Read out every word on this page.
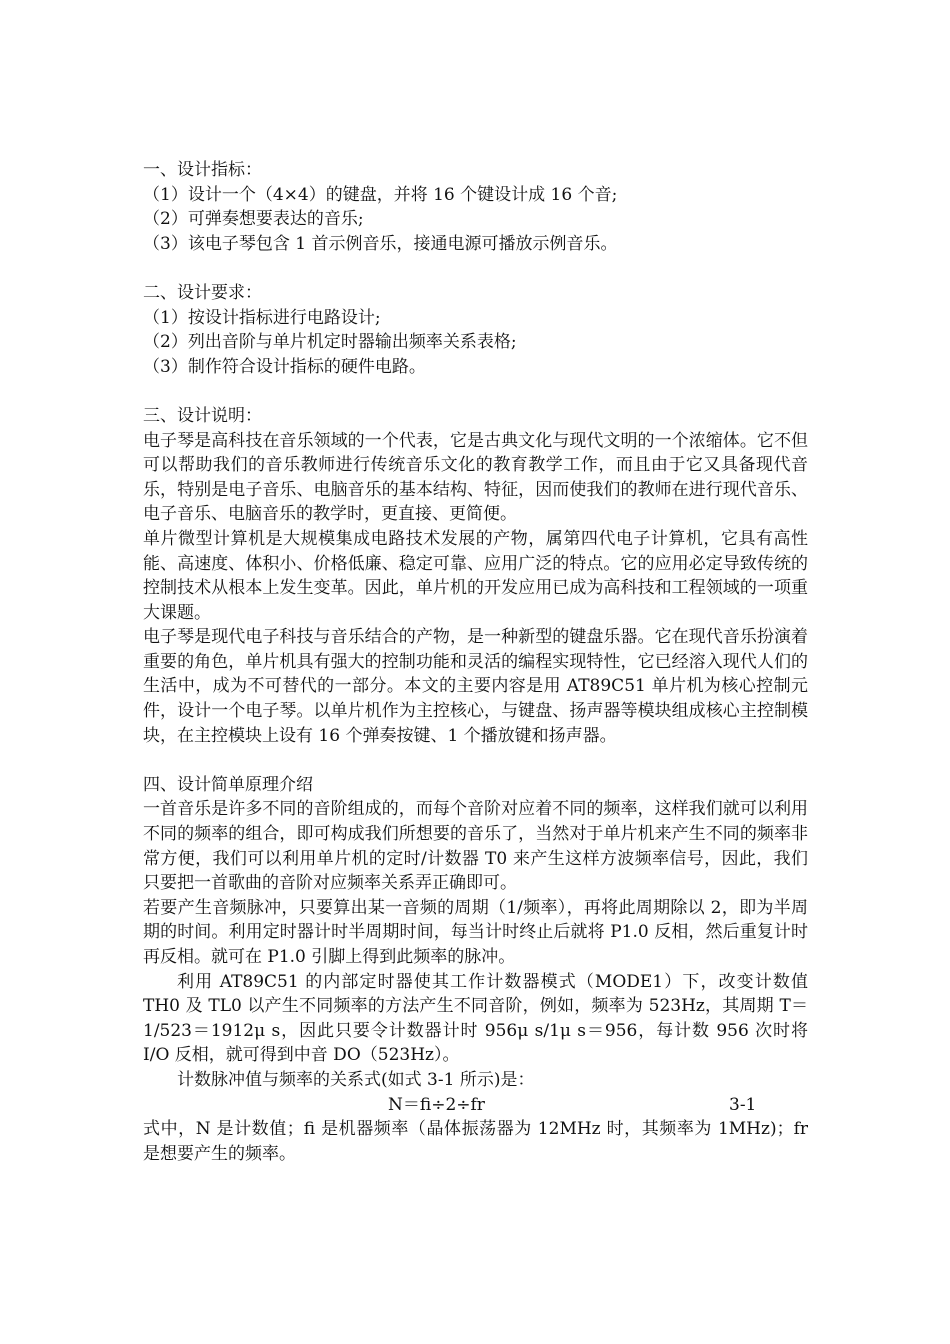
一、设计指标：

（1）设计一个（4×4）的键盘，并将 16 个键设计成 16 个音;

（2）可弹奏想要表达的音乐;

（3）该电子琴包含 1 首示例音乐，接通电源可播放示例音乐。

二、设计要求：

（1）按设计指标进行电路设计;

（2）列出音阶与单片机定时器输出频率关系表格;

（3）制作符合设计指标的硬件电路。

三、设计说明：

电子琴是高科技在音乐领域的一个代表，它是古典文化与现代文明的一个浓缩体。它不但可以帮助我们的音乐教师进行传统音乐文化的教育教学工作，而且由于它又具备现代音乐，特别是电子音乐、电脑音乐的基本结构、特征，因而使我们的教师在进行现代音乐、电子音乐、电脑音乐的教学时，更直接、更简便。

单片微型计算机是大规模集成电路技术发展的产物，属第四代电子计算机，它具有高性能、高速度、体积小、价格低廉、稳定可靠、应用广泛的特点。它的应用必定导致传统的控制技术从根本上发生变革。因此，单片机的开发应用已成为高科技和工程领域的一项重大课题。

电子琴是现代电子科技与音乐结合的产物，是一种新型的键盘乐器。它在现代音乐扮演着重要的角色，单片机具有强大的控制功能和灵活的编程实现特性，它已经溶入现代人们的生活中，成为不可替代的一部分。本文的主要内容是用 AT89C51 单片机为核心控制元件，设计一个电子琴。以单片机作为主控核心，与键盘、扬声器等模块组成核心主控制模块，在主控模块上设有 16 个弹奏按键、1 个播放键和扬声器。

四、设计简单原理介绍

一首音乐是许多不同的音阶组成的，而每个音阶对应着不同的频率，这样我们就可以利用不同的频率的组合，即可构成我们所想要的音乐了，当然对于单片机来产生不同的频率非常方便，我们可以利用单片机的定时/计数器 T0 来产生这样方波频率信号，因此，我们只要把一首歌曲的音阶对应频率关系弄正确即可。

若要产生音频脉冲，只要算出某一音频的周期（1/频率），再将此周期除以 2，即为半周期的时间。利用定时器计时半周期时间，每当计时终止后就将 P1.0 反相，然后重复计时再反相。就可在 P1.0 引脚上得到此频率的脉冲。

利用 AT89C51 的内部定时器使其工作计数器模式（MODE1）下，改变计数值 TH0 及 TL0 以产生不同频率的方法产生不同音阶，例如，频率为 523Hz，其周期 T＝1/523＝1912μ s，因此只要令计数器计时 956μ s/1μ s＝956，每计数 956 次时将 I/O 反相，就可得到中音 DO（523Hz）。

计数脉冲值与频率的关系式(如式 3-1 所示)是：

N＝fi÷2÷fr	3-1

式中，N 是计数值；fi 是机器频率（晶体振荡器为 12MHz 时，其频率为 1MHz)；fr 是想要产生的频率。
